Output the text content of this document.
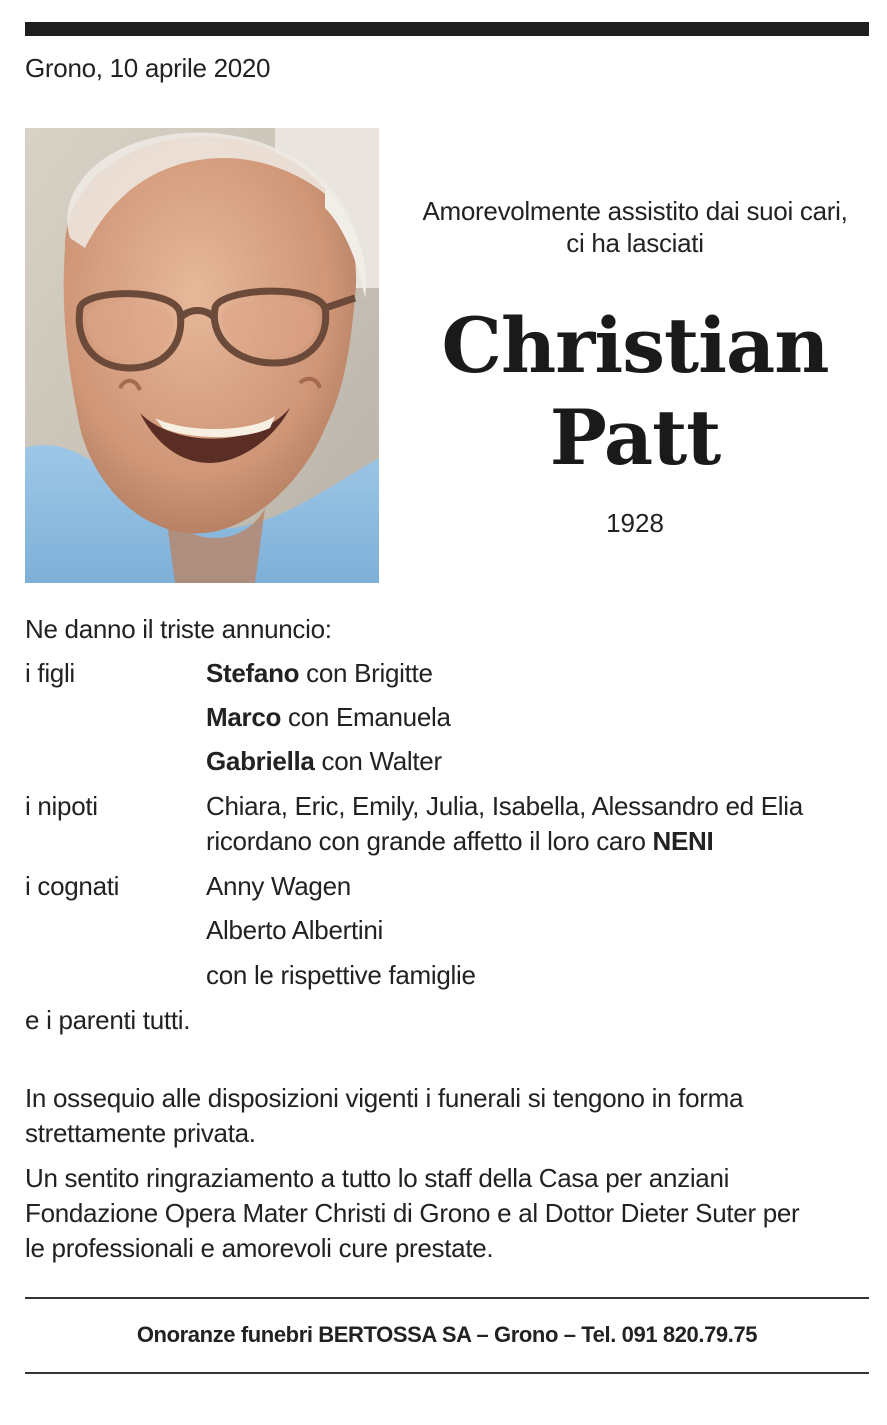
Grono, 10 aprile 2020
Amorevolmente assistito dai suoi cari,
ci ha lasciati
Christian
Patt
1928
Ne danno il triste annuncio:
i figli	Stefano con Brigitte
Marco con Emanuela
Gabriella con Walter
i nipoti	Chiara, Eric, Emily, Julia, Isabella, Alessandro ed Elia
ricordano con grande affetto il loro caro NENI
i cognati	Anny Wagen
Alberto Albertini
con le rispettive famiglie
e i parenti tutti.
In ossequio alle disposizioni vigenti i funerali si tengono in forma
strettamente privata.
Un sentito ringraziamento a tutto lo staff della Casa per anziani
Fondazione Opera Mater Christi di Grono e al Dottor Dieter Suter per
le professionali e amorevoli cure prestate.
Onoranze funebri BERTOSSA SA – Grono – Tel. 091 820.79.75
